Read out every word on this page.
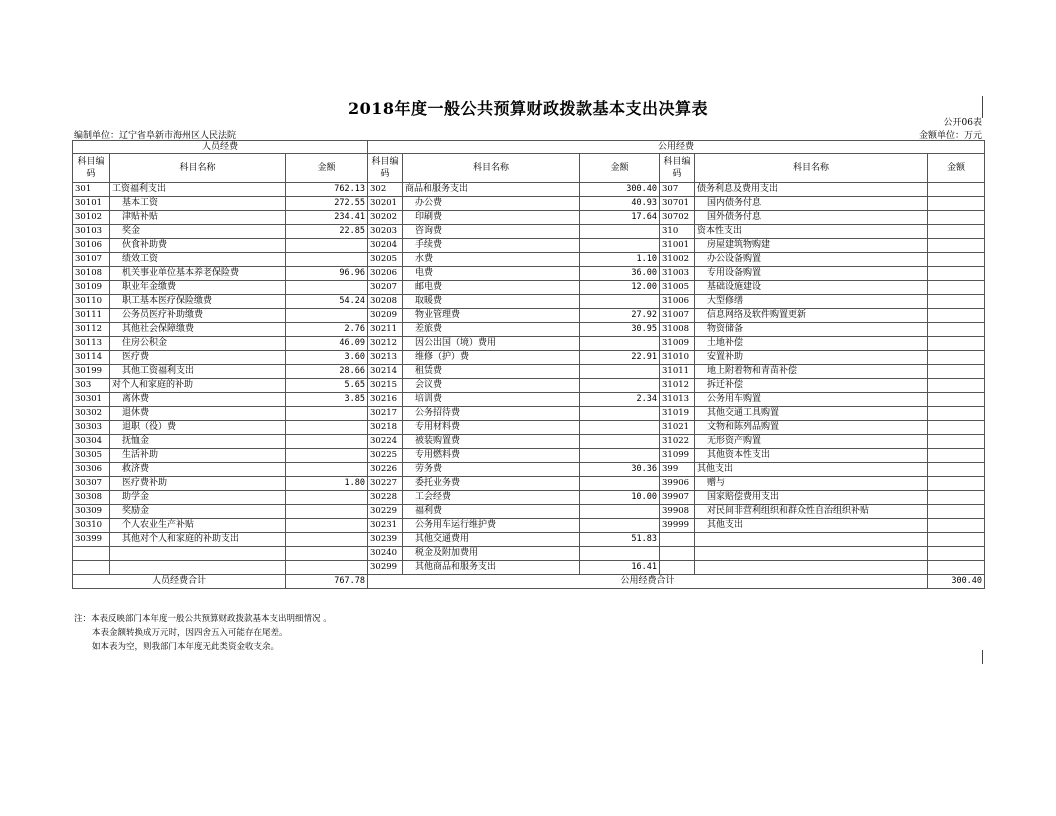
2018年度一般公共预算财政拨款基本支出决算表
公开06表
编制单位：辽宁省阜新市海州区人民法院	金额单位：万元
人员经费			公用经费					
科目编码	科目名称	金额	科目编码	科目名称	金额	科目编码	科目名称	金额
301	工资福利支出	762.13	302	商品和服务支出	300.40	307	债务利息及费用支出	
30101	基本工资	272.55	30201	办公费	40.93	30701	国内债务付息	
30102	津贴补贴	234.41	30202	印刷费	17.64	30702	国外债务付息	
30103	奖金	22.85	30203	咨询费		310	资本性支出	
30106	伙食补助费		30204	手续费		31001	房屋建筑物购建	
30107	绩效工资		30205	水费	1.10	31002	办公设备购置	
30108	机关事业单位基本养老保险费	96.96	30206	电费	36.00	31003	专用设备购置	
30109	职业年金缴费		30207	邮电费	12.00	31005	基础设施建设	
30110	职工基本医疗保险缴费	54.24	30208	取暖费		31006	大型修缮	
30111	公务员医疗补助缴费		30209	物业管理费	27.92	31007	信息网络及软件购置更新	
30112	其他社会保障缴费	2.76	30211	差旅费	30.95	31008	物资储备	
30113	住房公积金	46.09	30212	因公出国（境）费用		31009	土地补偿	
30114	医疗费	3.60	30213	维修（护）费	22.91	31010	安置补助	
30199	其他工资福利支出	28.66	30214	租赁费		31011	地上附着物和青苗补偿	
303	对个人和家庭的补助	5.65	30215	会议费		31012	拆迁补偿	
30301	离休费	3.85	30216	培训费	2.34	31013	公务用车购置	
30302	退休费		30217	公务招待费		31019	其他交通工具购置	
30303	退职（役）费		30218	专用材料费		31021	文物和陈列品购置	
30304	抚恤金		30224	被装购置费		31022	无形资产购置	
30305	生活补助		30225	专用燃料费		31099	其他资本性支出	
30306	救济费		30226	劳务费	30.36	399	其他支出	
30307	医疗费补助	1.80	30227	委托业务费		39906	赠与	
30308	助学金		30228	工会经费	10.00	39907	国家赔偿费用支出	
30309	奖励金		30229	福利费		39908	对民间非营利组织和群众性自治组织补贴	
30310	个人农业生产补贴		30231	公务用车运行维护费		39999	其他支出	
30399	其他对个人和家庭的补助支出		30239	其他交通费用	51.83			
			30240	税金及附加费用				
			30299	其他商品和服务支出	16.41			
人员经费合计		767.78	公用经费合计					300.40
注：本表反映部门本年度一般公共预算财政拨款基本支出明细情况 。
本表金额转换成万元时，因四舍五入可能存在尾差。
如本表为空，则我部门本年度无此类资金收支余。
